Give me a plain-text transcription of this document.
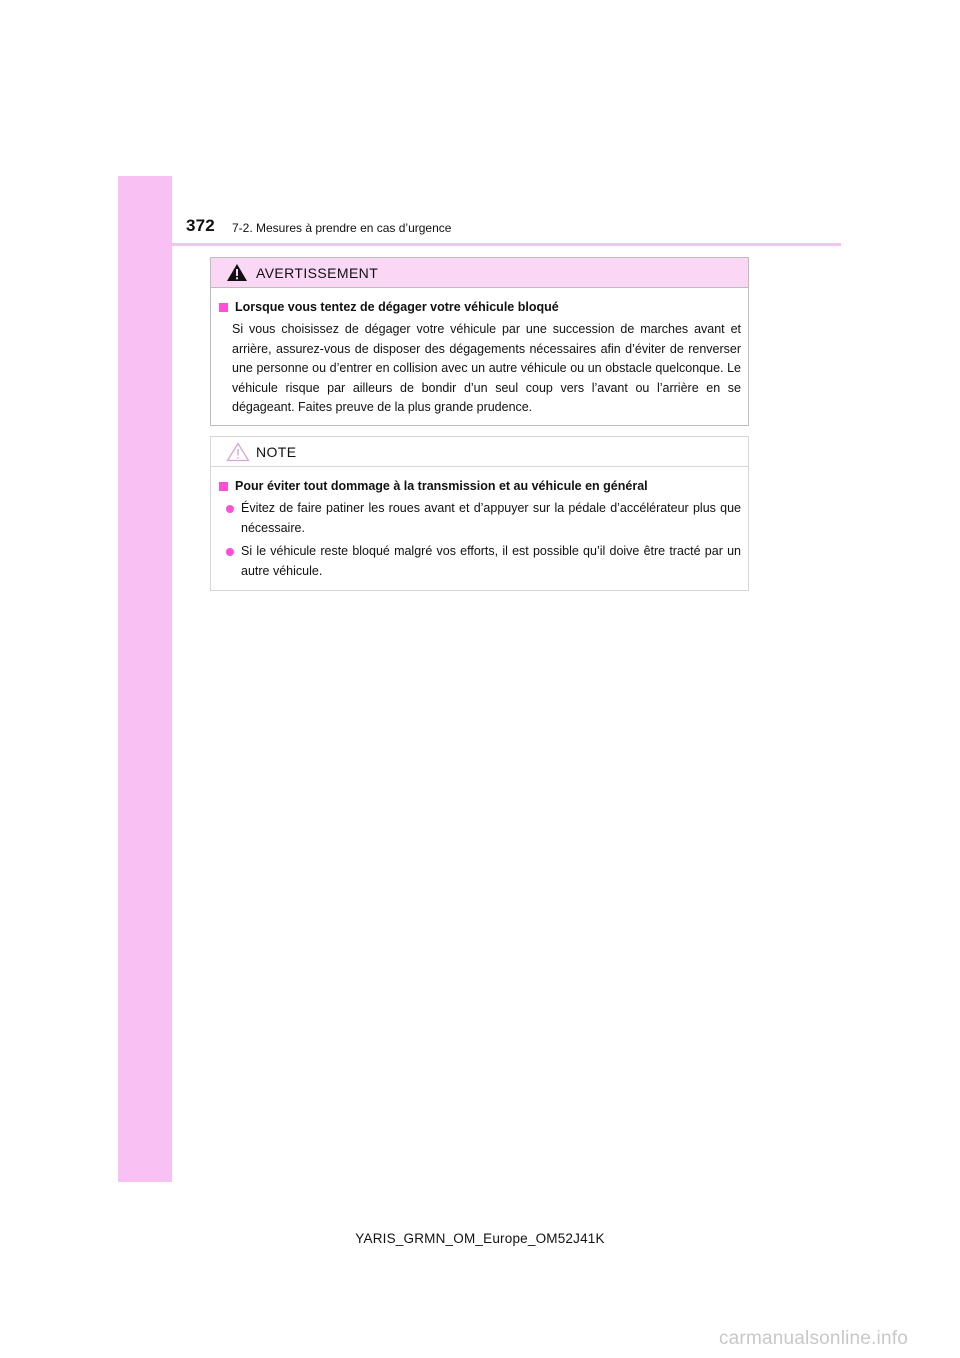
372 7-2. Mesures à prendre en cas d’urgence
AVERTISSEMENT
Lorsque vous tentez de dégager votre véhicule bloqué
Si vous choisissez de dégager votre véhicule par une succession de marches avant et arrière, assurez-vous de disposer des dégagements nécessaires afin d’éviter de renverser une personne ou d’entrer en collision avec un autre véhicule ou un obstacle quelconque. Le véhicule risque par ailleurs de bondir d’un seul coup vers l’avant ou l’arrière en se dégageant. Faites preuve de la plus grande prudence.
NOTE
Pour éviter tout dommage à la transmission et au véhicule en général
Évitez de faire patiner les roues avant et d’appuyer sur la pédale d’accélérateur plus que nécessaire.
Si le véhicule reste bloqué malgré vos efforts, il est possible qu’il doive être tracté par un autre véhicule.
YARIS_GRMN_OM_Europe_OM52J41K
carmanualsonline.info
